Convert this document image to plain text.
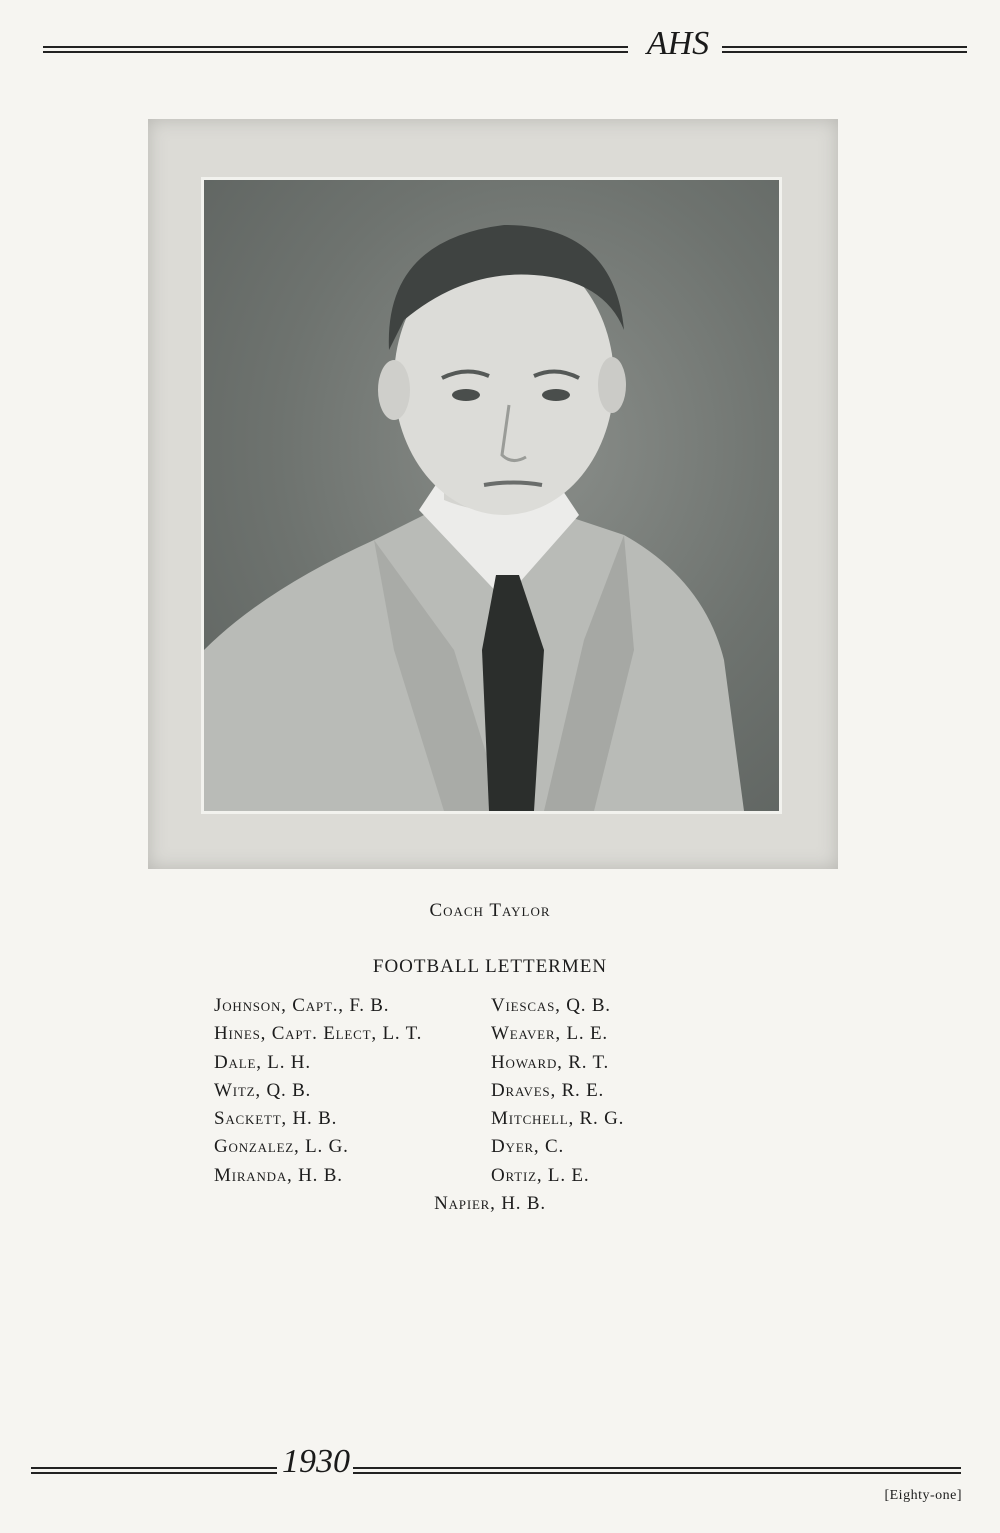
AHS
Coach Taylor
FOOTBALL LETTERMEN
Johnson, Capt., F. B.
Hines, Capt. Elect, L. T.
Dale, L. H.
Witz, Q. B.
Sackett, H. B.
Gonzalez, L. G.
Miranda, H. B.
Viescas, Q. B.
Weaver, L. E.
Howard, R. T.
Draves, R. E.
Mitchell, R. G.
Dyer, C.
Ortiz, L. E.
Napier, H. B.
1930
[Eighty-one]
